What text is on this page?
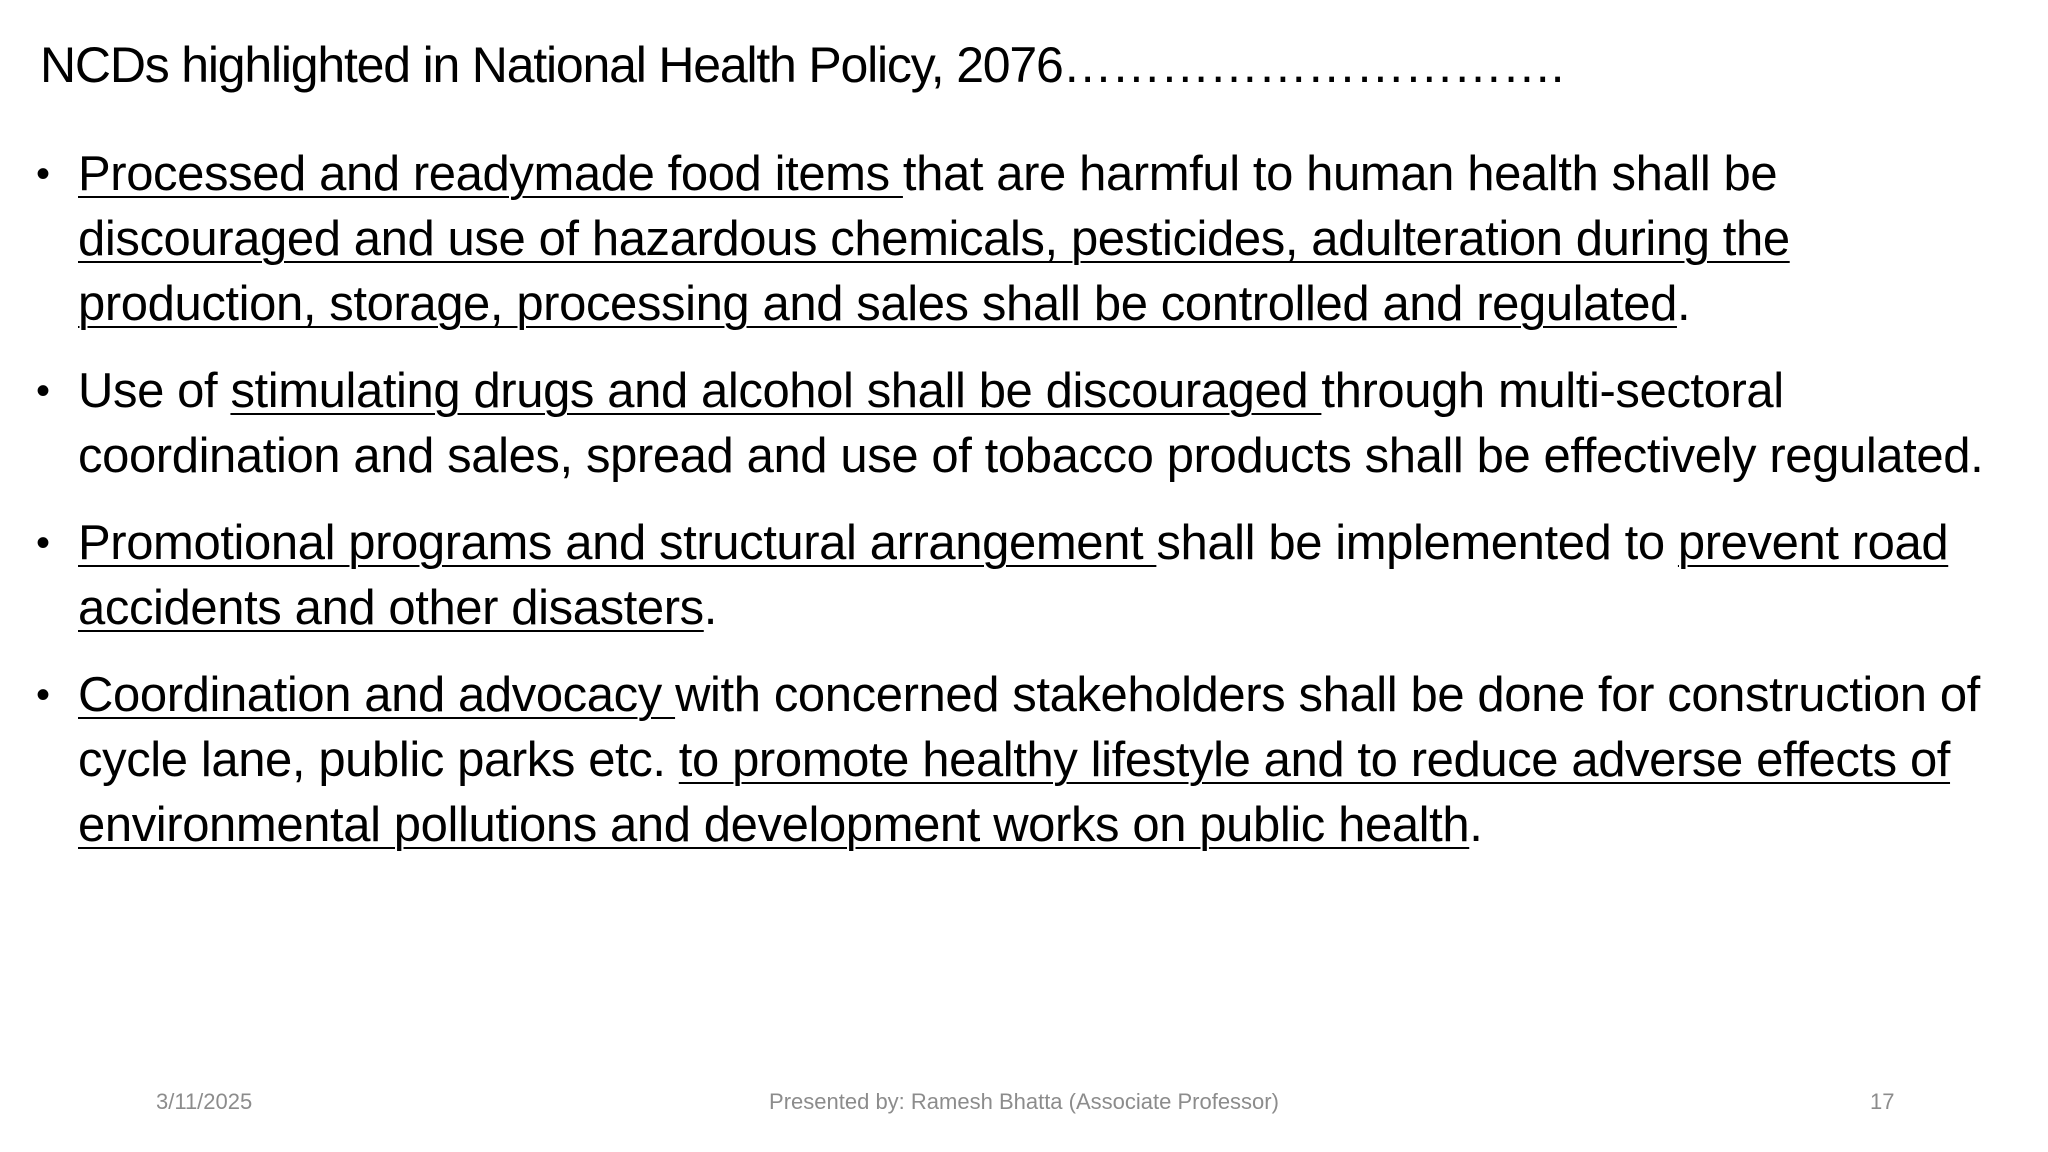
NCDs highlighted in National Health Policy, 2076………………………….
• Processed and readymade food items that are harmful to human health shall be discouraged and use of hazardous chemicals, pesticides, adulteration during the production, storage, processing and sales shall be controlled and regulated.
• Use of stimulating drugs and alcohol shall be discouraged through multi-sectoral coordination and sales, spread and use of tobacco products shall be effectively regulated.
• Promotional programs and structural arrangement shall be implemented to prevent road accidents and other disasters.
• Coordination and advocacy with concerned stakeholders shall be done for construction of cycle lane, public parks etc. to promote healthy lifestyle and to reduce adverse effects of environmental pollutions and development works on public health.
3/11/2025	Presented by: Ramesh Bhatta (Associate Professor)	17
